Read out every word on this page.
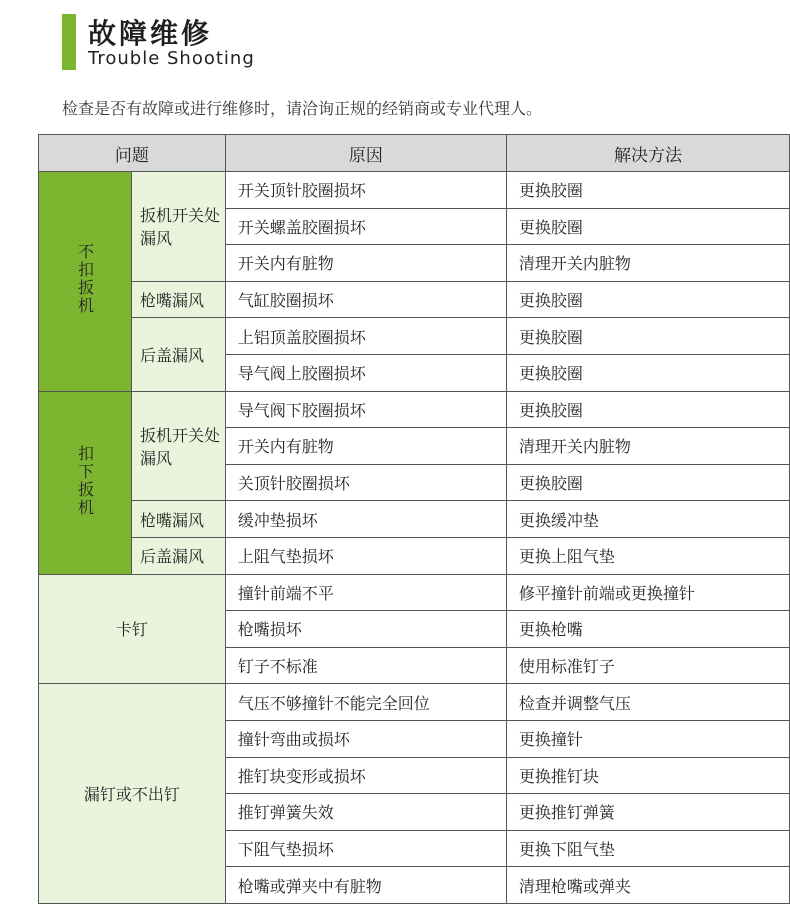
故障维修
Trouble Shooting
检查是否有故障或进行维修时，请洽询正规的经销商或专业代理人。
问题		原因	解决方法
不扣扳机	扳机开关处漏风	开关顶针胶圈损坏	更换胶圈
		开关螺盖胶圈损坏	更换胶圈
		开关内有脏物	清理开关内脏物
	枪嘴漏风	气缸胶圈损坏	更换胶圈
	后盖漏风	上铝顶盖胶圈损坏	更换胶圈
		导气阀上胶圈损坏	更换胶圈
扣下扳机	扳机开关处漏风	导气阀下胶圈损坏	更换胶圈
		开关内有脏物	清理开关内脏物
		关顶针胶圈损坏	更换胶圈
	枪嘴漏风	缓冲垫损坏	更换缓冲垫
	后盖漏风	上阻气垫损坏	更换上阻气垫
卡钉		撞针前端不平	修平撞针前端或更换撞针
		枪嘴损坏	更换枪嘴
		钉子不标准	使用标准钉子
漏钉或不出钉		气压不够撞针不能完全回位	检查并调整气压
		撞针弯曲或损坏	更换撞针
		推钉块变形或损坏	更换推钉块
		推钉弹簧失效	更换推钉弹簧
		下阻气垫损坏	更换下阻气垫
		枪嘴或弹夹中有脏物	清理枪嘴或弹夹
